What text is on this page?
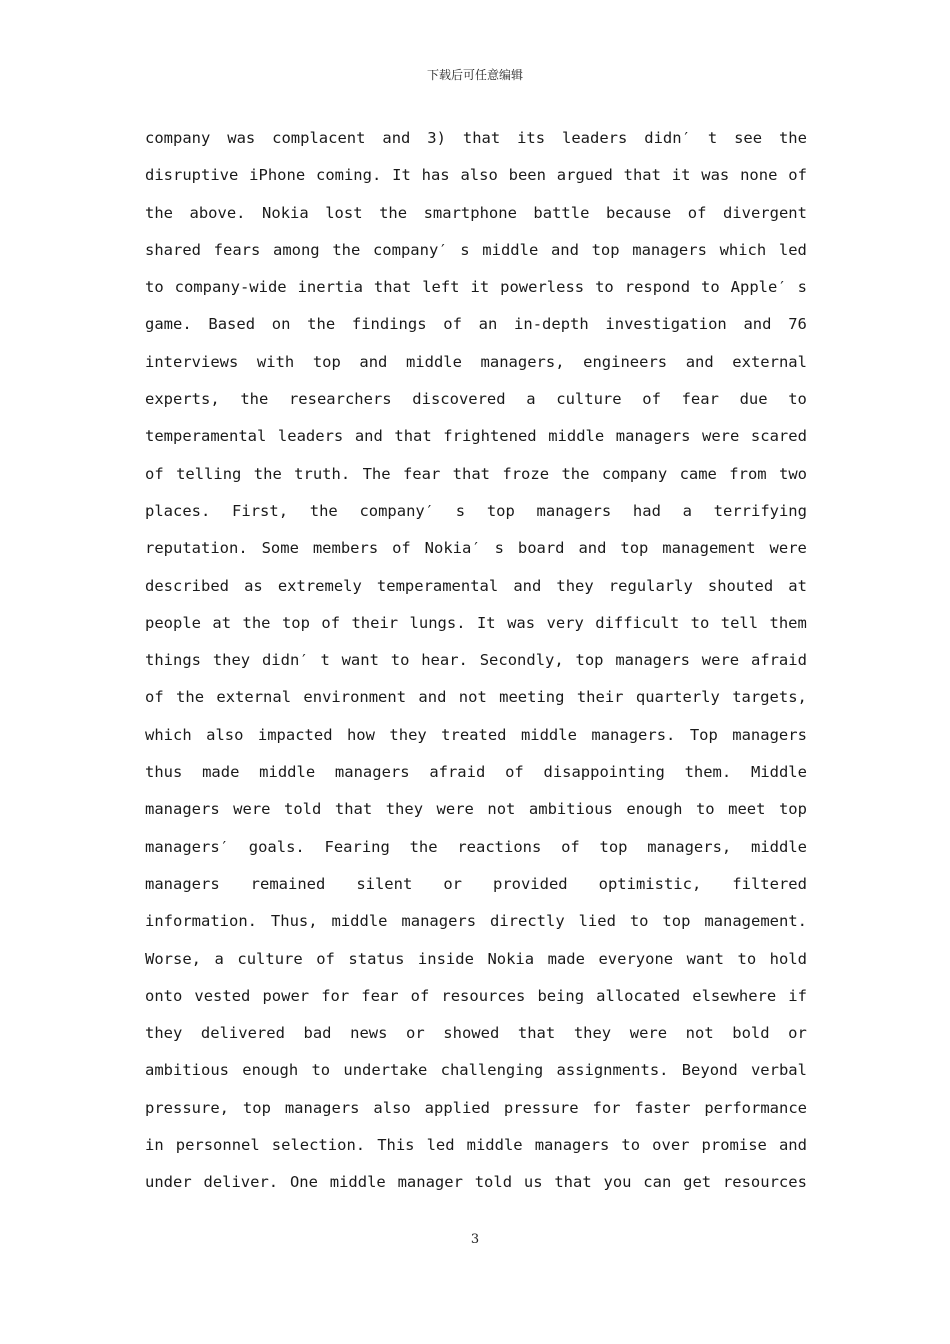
下载后可任意编辑
company was complacent and 3) that its leaders didn′ t see the
disruptive iPhone coming. It has also been argued that it was none of
the above. Nokia lost the smartphone battle because of divergent
shared fears among the company′ s middle and top managers which led
to company-wide inertia that left it powerless to respond to Apple′ s
game. Based on the findings of an in-depth investigation and 76
interviews with top and middle managers, engineers and external
experts, the researchers discovered a culture of fear due to
temperamental leaders and that frightened middle managers were scared
of telling the truth. The fear that froze the company came from two
places. First, the company′ s top managers had a terrifying
reputation. Some members of Nokia′ s board and top management were
described as extremely temperamental and they regularly shouted at
people at the top of their lungs. It was very difficult to tell them
things they didn′ t want to hear. Secondly, top managers were afraid
of the external environment and not meeting their quarterly targets,
which also impacted how they treated middle managers. Top managers
thus made middle managers afraid of disappointing them. Middle
managers were told that they were not ambitious enough to meet top
managers′ goals. Fearing the reactions of top managers, middle
managers remained silent or provided optimistic, filtered
information. Thus, middle managers directly lied to top management.
Worse, a culture of status inside Nokia made everyone want to hold
onto vested power for fear of resources being allocated elsewhere if
they delivered bad news or showed that they were not bold or
ambitious enough to undertake challenging assignments. Beyond verbal
pressure, top managers also applied pressure for faster performance
in personnel selection. This led middle managers to over promise and
under deliver. One middle manager told us that you can get resources
3
